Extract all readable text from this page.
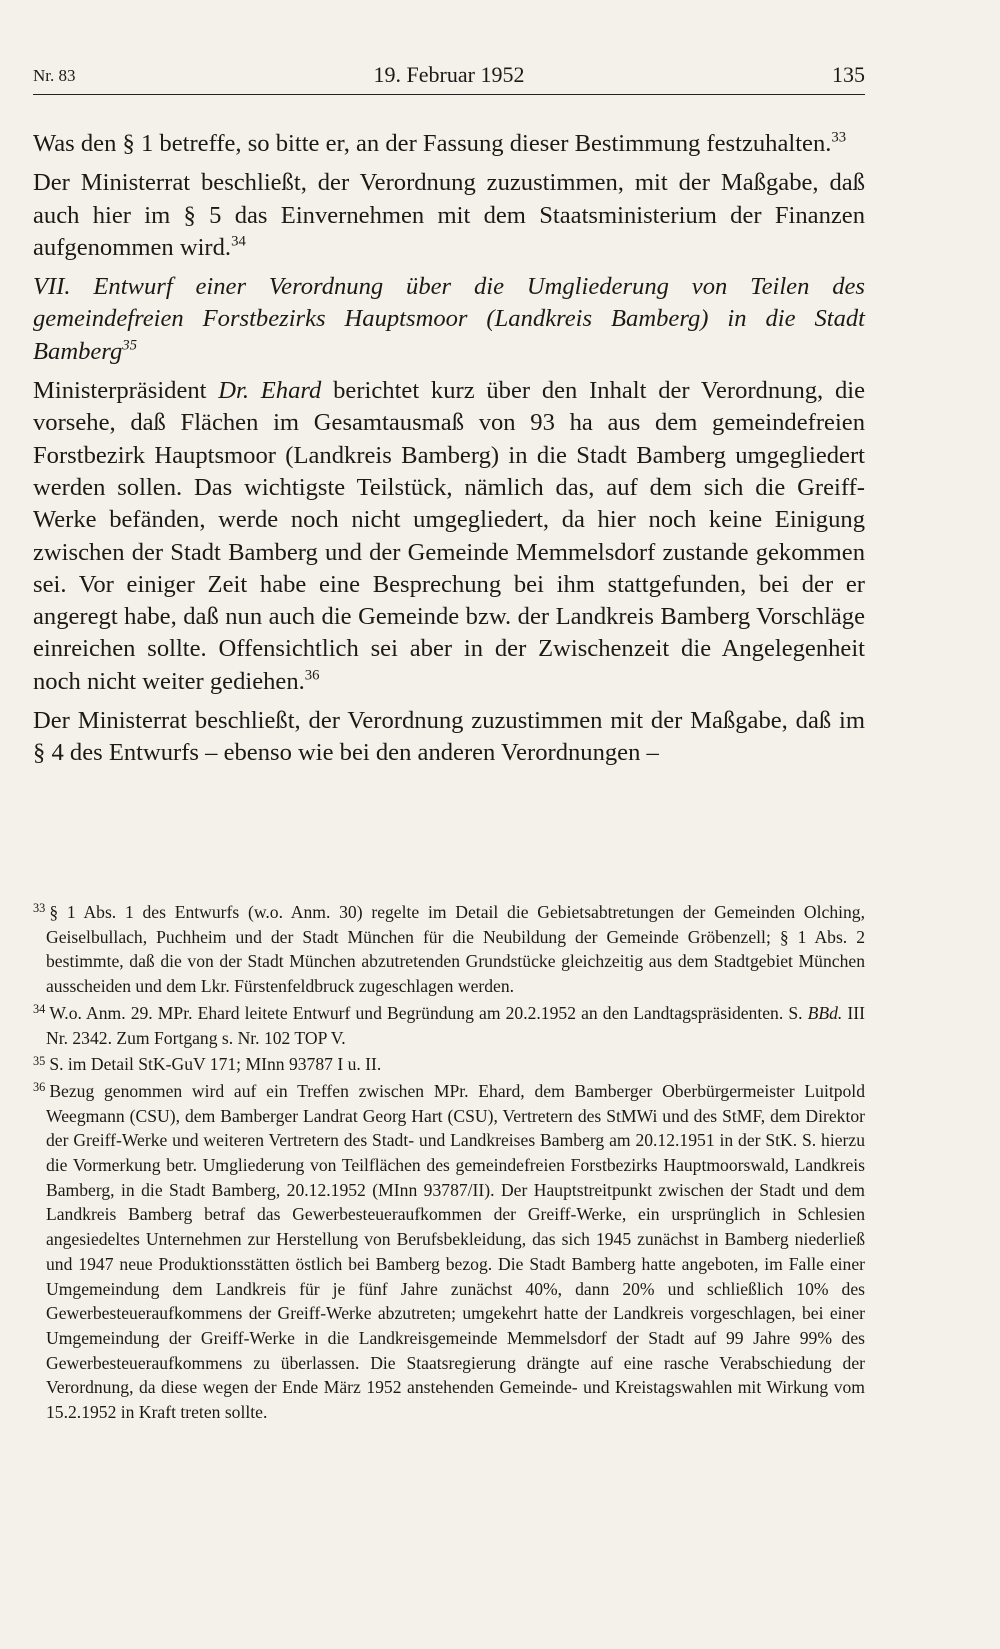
Nr. 83	19. Februar 1952	135

Was den § 1 betreffe, so bitte er, an der Fassung dieser Bestimmung festzuhalten.$^{33}$

Der Ministerrat beschließt, der Verordnung zuzustimmen, mit der Maßgabe, daß auch hier im § 5 das Einvernehmen mit dem Staatsministerium der Finanzen aufgenommen wird.$^{34}$

VII. Entwurf einer Verordnung über die Umgliederung von Teilen des gemeindefreien Forstbezirks Hauptsmoor (Landkreis Bamberg) in die Stadt Bamberg$^{35}$

Ministerpräsident Dr. Ehard berichtet kurz über den Inhalt der Verordnung, die vorsehe, daß Flächen im Gesamtausmaß von 93 ha aus dem gemeindefreien Forstbezirk Hauptsmoor (Landkreis Bamberg) in die Stadt Bamberg umgegliedert werden sollen. Das wichtigste Teilstück, nämlich das, auf dem sich die Greiff-Werke befänden, werde noch nicht umgegliedert, da hier noch keine Einigung zwischen der Stadt Bamberg und der Gemeinde Memmelsdorf zustande gekommen sei. Vor einiger Zeit habe eine Besprechung bei ihm stattgefunden, bei der er angeregt habe, daß nun auch die Gemeinde bzw. der Landkreis Bamberg Vorschläge einreichen sollte. Offensichtlich sei aber in der Zwischenzeit die Angelegenheit noch nicht weiter gediehen.$^{36}$

Der Ministerrat beschließt, der Verordnung zuzustimmen mit der Maßgabe, daß im § 4 des Entwurfs – ebenso wie bei den anderen Verordnungen –

$^{33}$ § 1 Abs. 1 des Entwurfs (w.o. Anm. 30) regelte im Detail die Gebietsabtretungen der Gemeinden Olching, Geiselbullach, Puchheim und der Stadt München für die Neubildung der Gemeinde Gröbenzell; § 1 Abs. 2 bestimmte, daß die von der Stadt München abzutretenden Grundstücke gleichzeitig aus dem Stadtgebiet München ausscheiden und dem Lkr. Fürstenfeldbruck zugeschlagen werden.

$^{34}$ W.o. Anm. 29. MPr. Ehard leitete Entwurf und Begründung am 20.2.1952 an den Landtagspräsidenten. S. BBd. III Nr. 2342. Zum Fortgang s. Nr. 102 TOP V.

$^{35}$ S. im Detail StK-GuV 171; MInn 93787 I u. II.

$^{36}$ Bezug genommen wird auf ein Treffen zwischen MPr. Ehard, dem Bamberger Oberbürgermeister Luitpold Weegmann (CSU), dem Bamberger Landrat Georg Hart (CSU), Vertretern des StMWi und des StMF, dem Direktor der Greiff-Werke und weiteren Vertretern des Stadt- und Landkreises Bamberg am 20.12.1951 in der StK. S. hierzu die Vormerkung betr. Umgliederung von Teilflächen des gemeindefreien Forstbezirks Hauptmoorswald, Landkreis Bamberg, in die Stadt Bamberg, 20.12.1952 (MInn 93787/II). Der Hauptstreitpunkt zwischen der Stadt und dem Landkreis Bamberg betraf das Gewerbesteueraufkommen der Greiff-Werke, ein ursprünglich in Schlesien angesiedeltes Unternehmen zur Herstellung von Berufsbekleidung, das sich 1945 zunächst in Bamberg niederließ und 1947 neue Produktionsstätten östlich bei Bamberg bezog. Die Stadt Bamberg hatte angeboten, im Falle einer Umgemeindung dem Landkreis für je fünf Jahre zunächst 40%, dann 20% und schließlich 10% des Gewerbesteueraufkommens der Greiff-Werke abzutreten; umgekehrt hatte der Landkreis vorgeschlagen, bei einer Umgemeindung der Greiff-Werke in die Landkreisgemeinde Memmelsdorf der Stadt auf 99 Jahre 99% des Gewerbesteueraufkommens zu überlassen. Die Staatsregierung drängte auf eine rasche Verabschiedung der Verordnung, da diese wegen der Ende März 1952 anstehenden Gemeinde- und Kreistagswahlen mit Wirkung vom 15.2.1952 in Kraft treten sollte.
